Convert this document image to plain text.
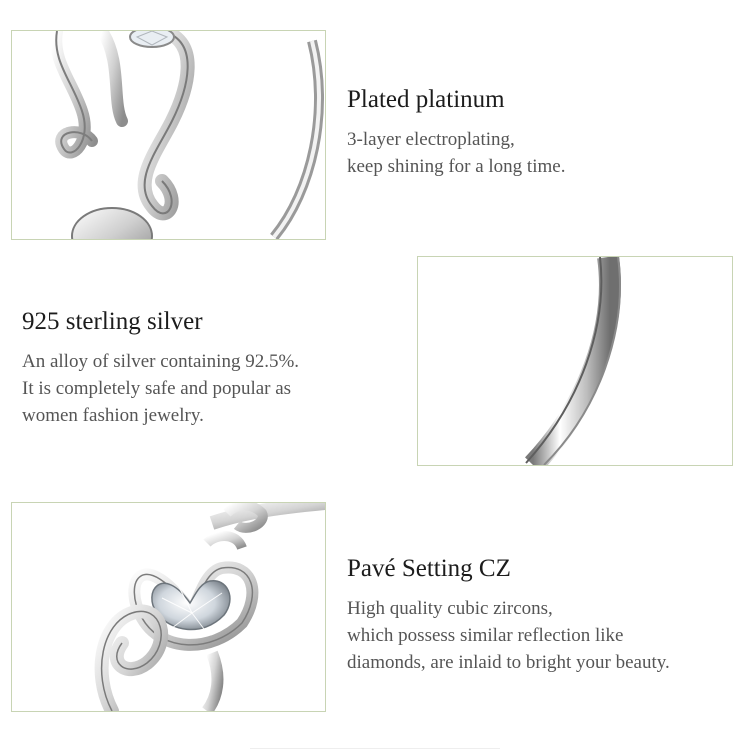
Plated platinum

3-layer electroplating,
keep shining for a long time.

925 sterling silver

An alloy of silver containing 92.5%.
It is completely safe and popular as
women fashion jewelry.

Pavé Setting CZ

High quality cubic zircons,
which possess similar reflection like
diamonds, are inlaid to bright your beauty.
